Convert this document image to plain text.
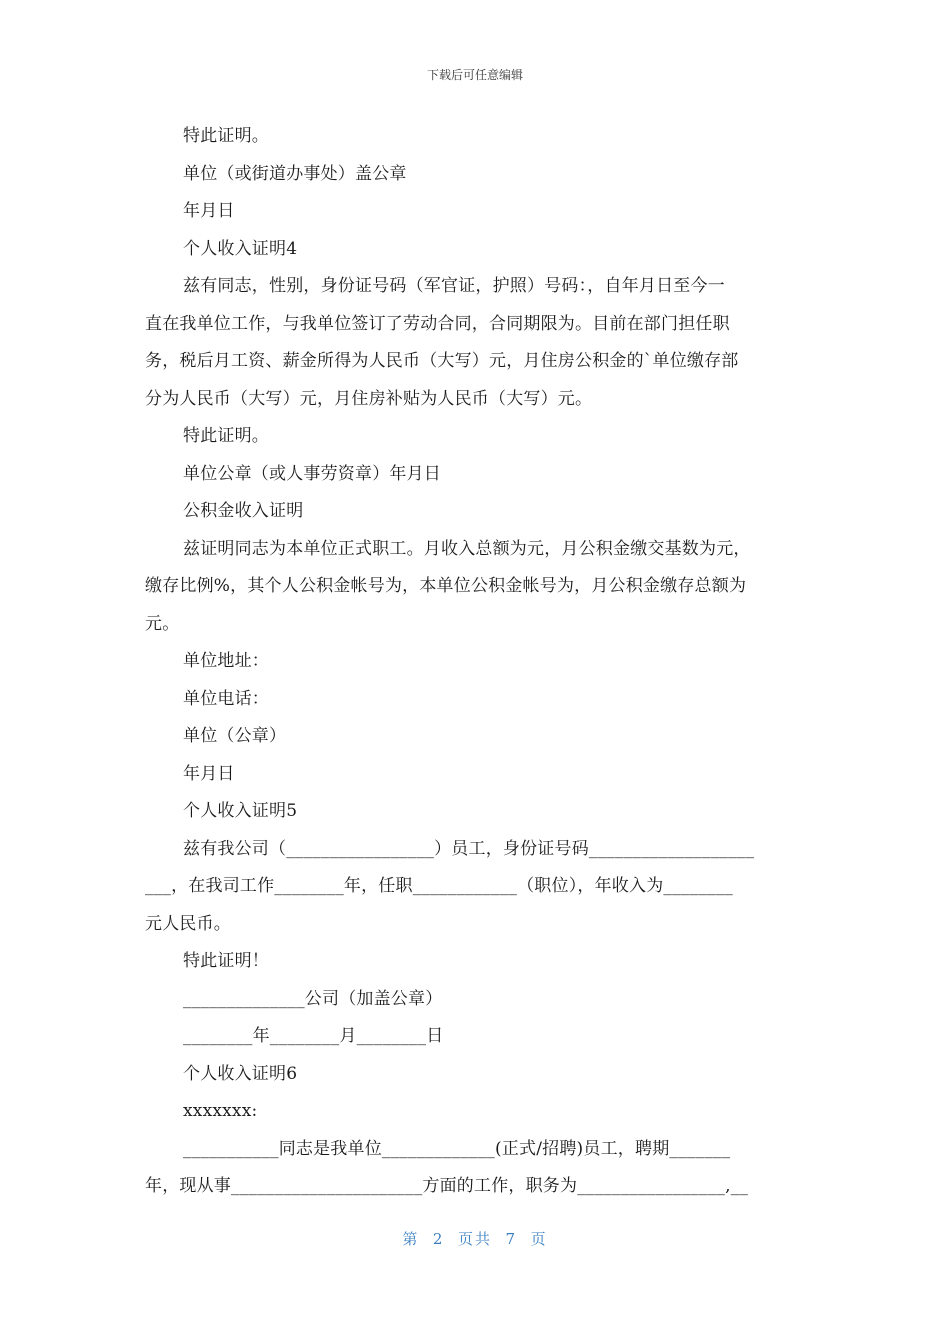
下载后可任意编辑

特此证明。

单位（或街道办事处）盖公章

年月日

个人收入证明4

兹有同志，性别，身份证号码（军官证，护照）号码：，自年月日至今一

直在我单位工作，与我单位签订了劳动合同，合同期限为。目前在部门担任职

务，税后月工资、薪金所得为人民币（大写）元，月住房公积金的`单位缴存部

分为人民币（大写）元，月住房补贴为人民币（大写）元。

特此证明。

单位公章（或人事劳资章）年月日

公积金收入证明

兹证明同志为本单位正式职工。月收入总额为元，月公积金缴交基数为元，

缴存比例%，其个人公积金帐号为，本单位公积金帐号为，月公积金缴存总额为

元。

单位地址：

单位电话：

单位（公章）

年月日

个人收入证明5

兹有我公司（_________________）员工，身份证号码___________________

___，在我司工作________年，任职____________（职位），年收入为________

元人民币。

特此证明！

______________公司（加盖公章）

________年________月________日

个人收入证明6

xxxxxxx:

___________同志是我单位_____________(正式/招聘)员工，聘期_______

年，现从事______________________方面的工作，职务为_________________,__

第  2  页共  7  页
